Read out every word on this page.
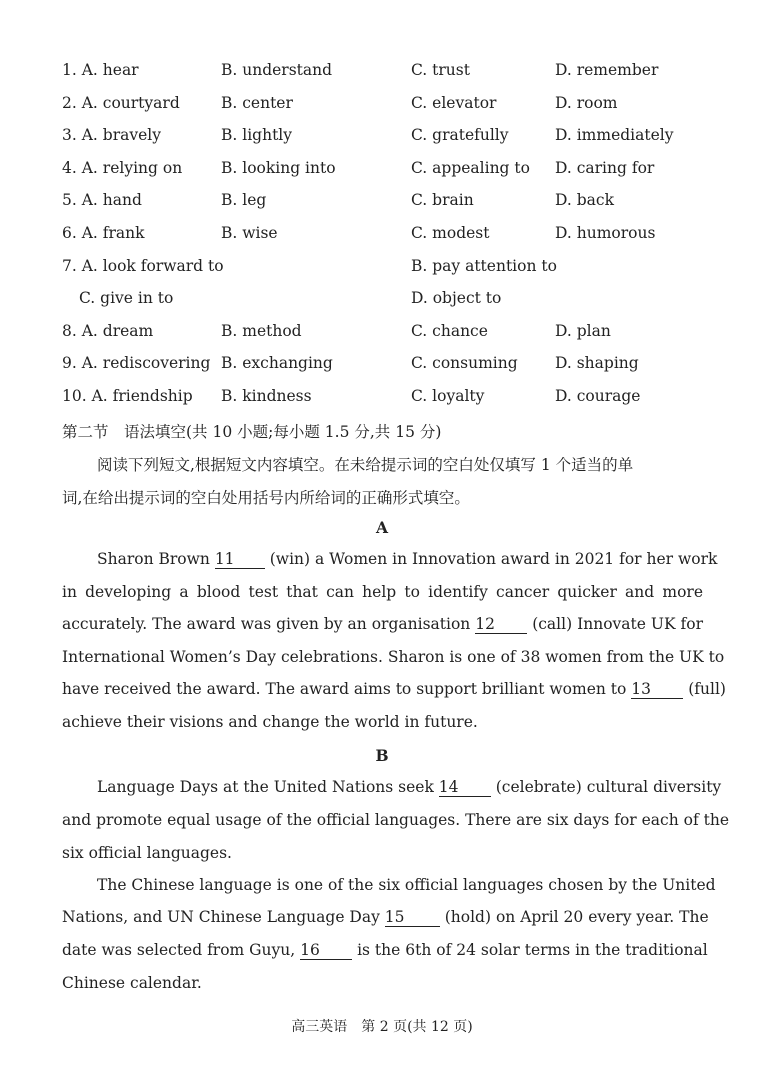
1. A. hear	B. understand	C. trust	D. remember
2. A. courtyard	B. center	C. elevator	D. room
3. A. bravely	B. lightly	C. gratefully	D. immediately
4. A. relying on	B. looking into	C. appealing to D. caring for
5. A. hand	B. leg	C. brain	D. back
6. A. frank	B. wise	C. modest	D. humorous
7. A. look forward to	B. pay attention to
C. give in to	D. object to
8. A. dream	B. method	C. chance	D. plan
9. A. rediscovering B. exchanging	C. consuming D. shaping
10. A. friendship B. kindness	C. loyalty	D. courage
第二节　语法填空(共 10 小题;每小题 1.5 分,共 15 分)
阅读下列短文,根据短文内容填空。在未给提示词的空白处仅填写 1 个适当的单
词,在给出提示词的空白处用括号内所给词的正确形式填空。
A
Sharon Brown 11 (win) a Women in Innovation award in 2021 for her work
in developing a blood test that can help to identify cancer quicker and more
accurately. The award was given by an organisation 12 (call) Innovate UK for
International Women’s Day celebrations. Sharon is one of 38 women from the UK to
have received the award. The award aims to support brilliant women to 13 (full)
achieve their visions and change the world in future.
B
Language Days at the United Nations seek 14 (celebrate) cultural diversity
and promote equal usage of the official languages. There are six days for each of the
six official languages.
The Chinese language is one of the six official languages chosen by the United
Nations, and UN Chinese Language Day 15	(hold) on April 20 every year. The
date was selected from Guyu, 16 is the 6th of 24 solar terms in the traditional
Chinese calendar.
高三英语　第 2 页(共 12 页)
